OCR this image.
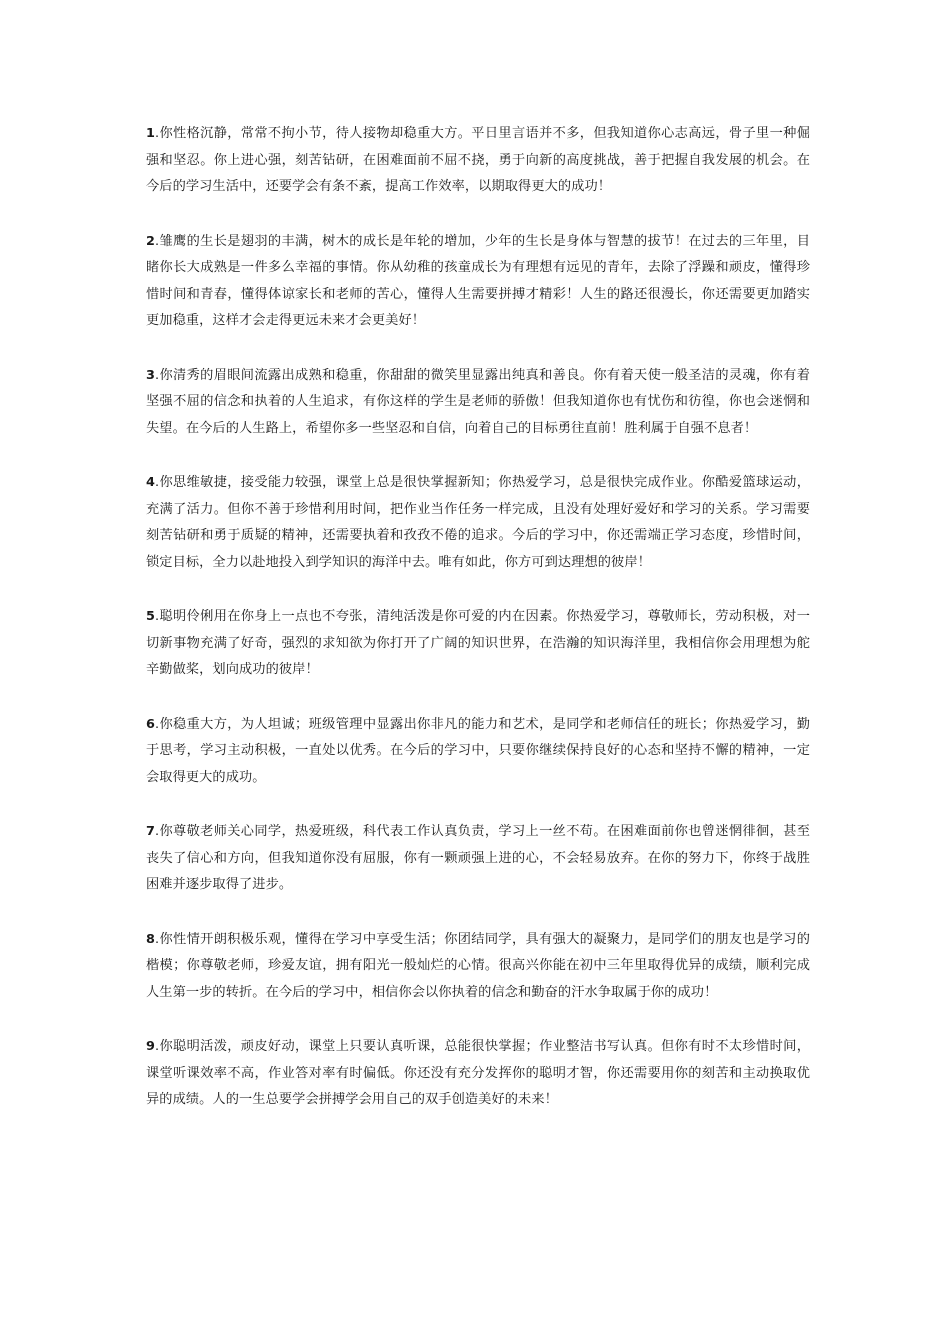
1.你性格沉静，常常不拘小节，待人接物却稳重大方。平日里言语并不多，但我知道你心志高远，骨子里一种倔强和坚忍。你上进心强，刻苦钻研，在困难面前不屈不挠，勇于向新的高度挑战，善于把握自我发展的机会。在今后的学习生活中，还要学会有条不紊，提高工作效率，以期取得更大的成功！

2.雏鹰的生长是翅羽的丰满，树木的成长是年轮的增加，少年的生长是身体与智慧的拔节！在过去的三年里，目睹你长大成熟是一件多么幸福的事情。你从幼稚的孩童成长为有理想有远见的青年，去除了浮躁和顽皮，懂得珍惜时间和青春，懂得体谅家长和老师的苦心，懂得人生需要拼搏才精彩！人生的路还很漫长，你还需要更加踏实更加稳重，这样才会走得更远未来才会更美好！

3.你清秀的眉眼间流露出成熟和稳重，你甜甜的微笑里显露出纯真和善良。你有着天使一般圣洁的灵魂，你有着坚强不屈的信念和执着的人生追求，有你这样的学生是老师的骄傲！但我知道你也有忧伤和彷徨，你也会迷惘和失望。在今后的人生路上，希望你多一些坚忍和自信，向着自己的目标勇往直前！胜利属于自强不息者！

4.你思维敏捷，接受能力较强，课堂上总是很快掌握新知；你热爱学习，总是很快完成作业。你酷爱篮球运动，充满了活力。但你不善于珍惜利用时间，把作业当作任务一样完成，且没有处理好爱好和学习的关系。学习需要刻苦钻研和勇于质疑的精神，还需要执着和孜孜不倦的追求。今后的学习中，你还需端正学习态度，珍惜时间，锁定目标，全力以赴地投入到学知识的海洋中去。唯有如此，你方可到达理想的彼岸！

5.聪明伶俐用在你身上一点也不夸张，清纯活泼是你可爱的内在因素。你热爱学习，尊敬师长，劳动积极，对一切新事物充满了好奇，强烈的求知欲为你打开了广阔的知识世界，在浩瀚的知识海洋里，我相信你会用理想为舵辛勤做桨，划向成功的彼岸！

6.你稳重大方，为人坦诚；班级管理中显露出你非凡的能力和艺术，是同学和老师信任的班长；你热爱学习，勤于思考，学习主动积极，一直处以优秀。在今后的学习中，只要你继续保持良好的心态和坚持不懈的精神，一定会取得更大的成功。

7.你尊敬老师关心同学，热爱班级，科代表工作认真负责，学习上一丝不苟。在困难面前你也曾迷惘徘徊，甚至丧失了信心和方向，但我知道你没有屈服，你有一颗顽强上进的心，不会轻易放弃。在你的努力下，你终于战胜困难并逐步取得了进步。

8.你性情开朗积极乐观，懂得在学习中享受生活；你团结同学，具有强大的凝聚力，是同学们的朋友也是学习的楷模；你尊敬老师，珍爱友谊，拥有阳光一般灿烂的心情。很高兴你能在初中三年里取得优异的成绩，顺利完成人生第一步的转折。在今后的学习中，相信你会以你执着的信念和勤奋的汗水争取属于你的成功！

9.你聪明活泼，顽皮好动，课堂上只要认真听课，总能很快掌握；作业整洁书写认真。但你有时不太珍惜时间，课堂听课效率不高，作业答对率有时偏低。你还没有充分发挥你的聪明才智，你还需要用你的刻苦和主动换取优异的成绩。人的一生总要学会拼搏学会用自己的双手创造美好的未来！
